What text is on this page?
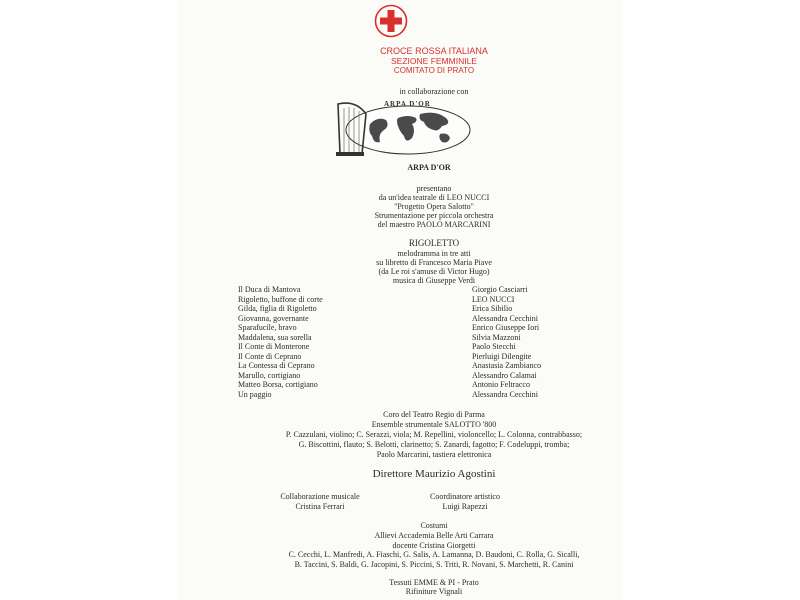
CROCE ROSSA ITALIANA
SEZIONE FEMMINILE
COMITATO DI PRATO
in collaborazione con
ARPA D'OR
ARPA D'OR
presentano
da un'idea teatrale di LEO NUCCI
"Progetto Opera Salotto"
Strumentazione per piccola orchestra
del maestro PAOLO MARCARINI
RIGOLETTO
melodramma in tre atti
su libretto di Francesco Maria Piave
(da Le roi s'amuse di Victor Hugo)
musica di Giuseppe Verdi
Il Duca di Mantova	Giorgio Casciarri
Rigoletto, buffone di corte	LEO NUCCI
Gilda, figlia di Rigoletto	Erica Sibilio
Giovanna, governante	Alessandra Cecchini
Sparafucile, bravo	Enrico Giuseppe Iori
Maddalena, sua sorella	Silvia Mazzoni
Il Conte di Monterone	Paolo Stecchi
Il Conte di Ceprano	Pierluigi Dilengite
La Contessa di Ceprano	Anastasia Zambianco
Marullo, cortigiano	Alessandro Calamai
Matteo Borsa, cortigiano	Antonio Feltracco
Un paggio	Alessandra Cecchini
Coro del Teatro Regio di Parma
Ensemble strumentale SALOTTO '800
P. Cazzulani, violino; C. Serazzi, viola; M. Repellini, violoncello; L. Colonna, contrabbasso;
G. Biscottini, flauto; S. Belotti, clarinetto; S. Zanardi, fagotto; F. Codeluppi, tromba;
Paolo Marcarini, tastiera elettronica
Direttore Maurizio Agostini
Collaborazione musicale
Cristina Ferrari
Coordinatore artistico
Luigi Rapezzi
Costumi
Allievi Accademia Belle Arti Carrara
docente Cristina Giorgetti
C. Cecchi, L. Manfredi, A. Fiaschi, G. Salis, A. Lamanna, D. Baudoni, C. Rolla, G. Sicalli,
B. Taccini, S. Baldi, G. Jacopini, S. Piccini, S. Triti, R. Novani, S. Marchetti, R. Canini
Tessuti EMME & PI - Prato
Rifiniture Vignali
